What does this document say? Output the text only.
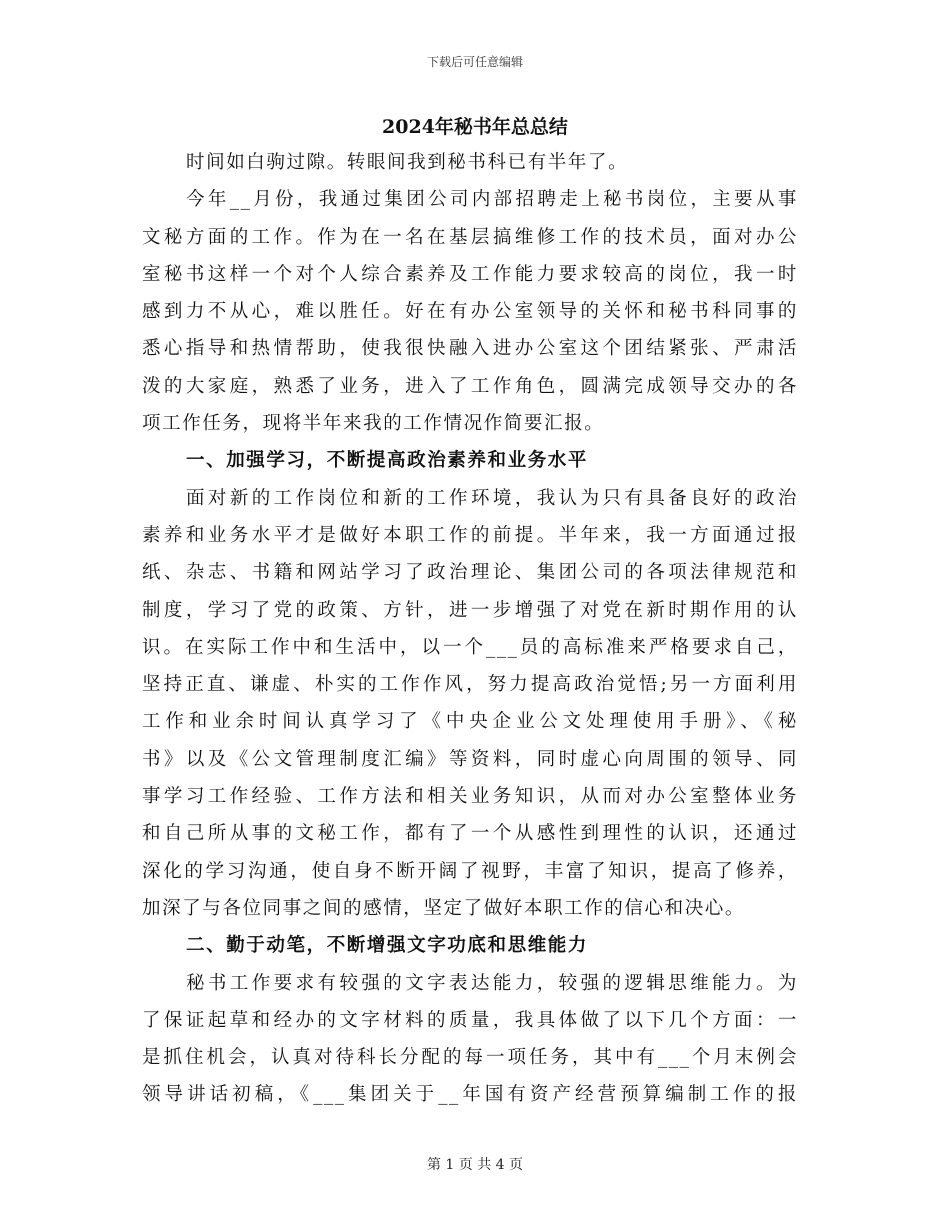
下载后可任意编辑
2024年秘书年总总结
时间如白驹过隙。转眼间我到秘书科已有半年了。
今年__月份，我通过集团公司内部招聘走上秘书岗位，主要从事
文秘方面的工作。作为在一名在基层搞维修工作的技术员，面对办公
室秘书这样一个对个人综合素养及工作能力要求较高的岗位，我一时
感到力不从心，难以胜任。好在有办公室领导的关怀和秘书科同事的
悉心指导和热情帮助，使我很快融入进办公室这个团结紧张、严肃活
泼的大家庭，熟悉了业务，进入了工作角色，圆满完成领导交办的各
项工作任务，现将半年来我的工作情况作简要汇报。
一、加强学习，不断提高政治素养和业务水平
面对新的工作岗位和新的工作环境，我认为只有具备良好的政治
素养和业务水平才是做好本职工作的前提。半年来，我一方面通过报
纸、杂志、书籍和网站学习了政治理论、集团公司的各项法律规范和
制度，学习了党的政策、方针，进一步增强了对党在新时期作用的认
识。在实际工作中和生活中，以一个___员的高标准来严格要求自己，
坚持正直、谦虚、朴实的工作作风，努力提高政治觉悟;另一方面利用
工作和业余时间认真学习了《中央企业公文处理使用手册》、《秘
书》以及《公文管理制度汇编》等资料，同时虚心向周围的领导、同
事学习工作经验、工作方法和相关业务知识，从而对办公室整体业务
和自己所从事的文秘工作，都有了一个从感性到理性的认识，还通过
深化的学习沟通，使自身不断开阔了视野，丰富了知识，提高了修养，
加深了与各位同事之间的感情，坚定了做好本职工作的信心和决心。
二、勤于动笔，不断增强文字功底和思维能力
秘书工作要求有较强的文字表达能力，较强的逻辑思维能力。为
了保证起草和经办的文字材料的质量，我具体做了以下几个方面：一
是抓住机会，认真对待科长分配的每一项任务，其中有___个月末例会
领导讲话初稿，《___集团关于__年国有资产经营预算编制工作的报
第 1 页 共 4 页
